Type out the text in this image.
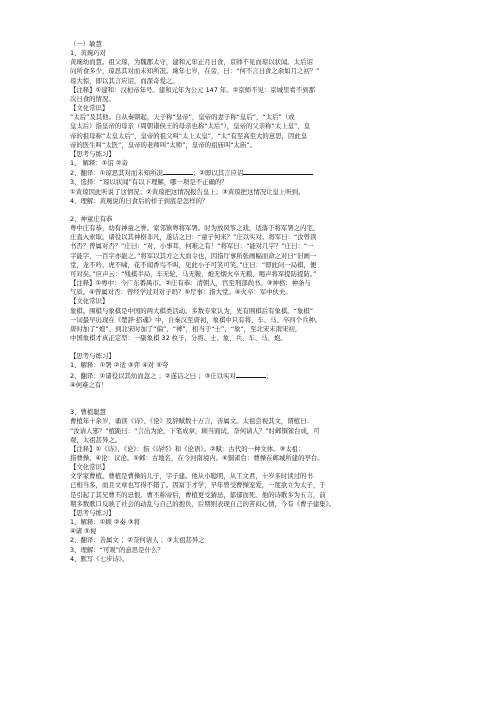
（一）敏慧
1、黄琬巧对
黄琬幼而慧。祖父琼，为魏郡太守，建和元年正月日食，京师不见而琼以状闻。太后诏
问所食多少，琼思其对而未知所况。琬年七岁，在旁，曰：“何不言日食之余如月之初？”
琼大惊，即以其言应诏，而深奇爱之。
【注释】①建和：汉桓帝年号。建和元年为公元 147 年。②京师不见：京城里看不到那
次日食的情况。
【文化常识】
“太后”及其他。自从秦朝起，天子称“皇帝”，皇帝的妻子称“皇后”，“太后”（或
皇太后）指皇帝的母亲（周朝诸侯王的母亲也称“太后”），皇帝的父亲称“太上皇”，皇
帝的祖母称“太皇太后”，皇帝的祖父叫“太上太皇”，“太”有至高至大的意思，因此皇
帝的医生叫“太医”，皇帝的老师叫“太师”，皇帝的祖庙叫“太庙”。
【思考与练习】
1、 解释：①诏 ②奇
2、翻译：①琼思其对而未知所况	；②即以其言应诏
3、选择：“琼以状闻”有以下理解，哪一项是不正确的？
①黄琼因此听说了这情况；②黄琼把这情况报告皇上；③黄琼把这情况让皇上听到。
4、理解：黄琬说的日食后的样子到底是怎样的？
2、神童庄有恭
粤中庄有恭，幼有神童之誉。家邻镇粤将军署。时为放风筝之戏，适落于将军署之内宅，
庄直入索取。诸役以其神格非凡，遂诘之曰：“童子何来？”庄以实对。将军曰：“汝曾读
书否？曾属对否？”庄曰：“对，小事耳，何难之有！”将军曰：“能对几字？”庄曰：“一
字能字，一百字亦能之。”将军以其方之大而令也，因指厅事所张画幅而命之对曰“旧画一
堂，龙不吟，虎不啸，花不闻香鸟不叫，见此小子可笑可笑。”庄曰：“即此问一局棋，便
可对矣。”应声云：“残棋半局，车无轮，马无鞍，炮无烟火卒无粮，喝声将军提防提防。”
【注释】①粤中：今广东番禺市。②庄有恭：清朝人，官至刑部尚书。③神格：神条与
气质。④曾属对否：曾经学过对对子吗？⑤厅事：指大堂。⑥火卒：军中伙夫。
【文化常识】
象棋。围棋与象棋是中国的两大棋类活动。多数专家认为，先有围棋后有象棋。“象棋”
一词最早出现在《楚辞·招魂》中，自秦汉至唐初，象棋中只有将、车、马、卒四个兵种。
唐时加了“炮”、到北宋时加了“偏”、“裨”，相当于“士”、“象”，至北宋末南宋初，
中国象棋才真正定型：一副象棋 32 枚子，分将、士、象、兵、车、马、炮。
【思考与练习】
1、解释：①署 ②适 ③弈 ④对 ⑤夸
2、翻译：①诸役以其幼而忽之 ；②遂诘之曰 ；③庄以实对	；
④何难之有！
3、曹植聪慧
曹植年十余岁，诵读《诗》、《论》及辞赋数十万言，善属文。太祖尝视其文，谓植曰：
“汝请人邪？”植跪曰：“言出为论，下笔成章，顾当面试，奈何请人？”时邺铜雀台成，可
观，太祖甚异之。
【注释】①《诗》、《论》：指《诗经》和《论语》。②赋：古代的一种文体。③太祖：
指曹操。④论：议论。⑤邺：古地名，在今河南境内。⑥铜雀台：曹操在邺城所建的亭台。
【文化常识】
文学家曹植。曹植是曹操的儿子，字子建。他从小聪明，从工文君，十岁多时读过的书
已相当多，而且文章也写得不错了。因富于才学，早年曾受曹操宠爱，一度欲立为太子，于
是引起了其兄曹丕的忌恨。曹丕称帝后，曹植更受猜忌，郁郁而死。他的诗歌多为五言，前
期多数歌口反映了社会的动乱与自己的抱负，后期则表现自己的苦闷心情，今有《曹子建集》。
【思考与练习】
1、解释：①顾 ②奏 ③将
④诸 ⑤视
2、翻译：善属文 ；②奈何请人 ；③太祖甚异之
3、理解：“可观”的意思是什么？
4、默写《七步诗》。
